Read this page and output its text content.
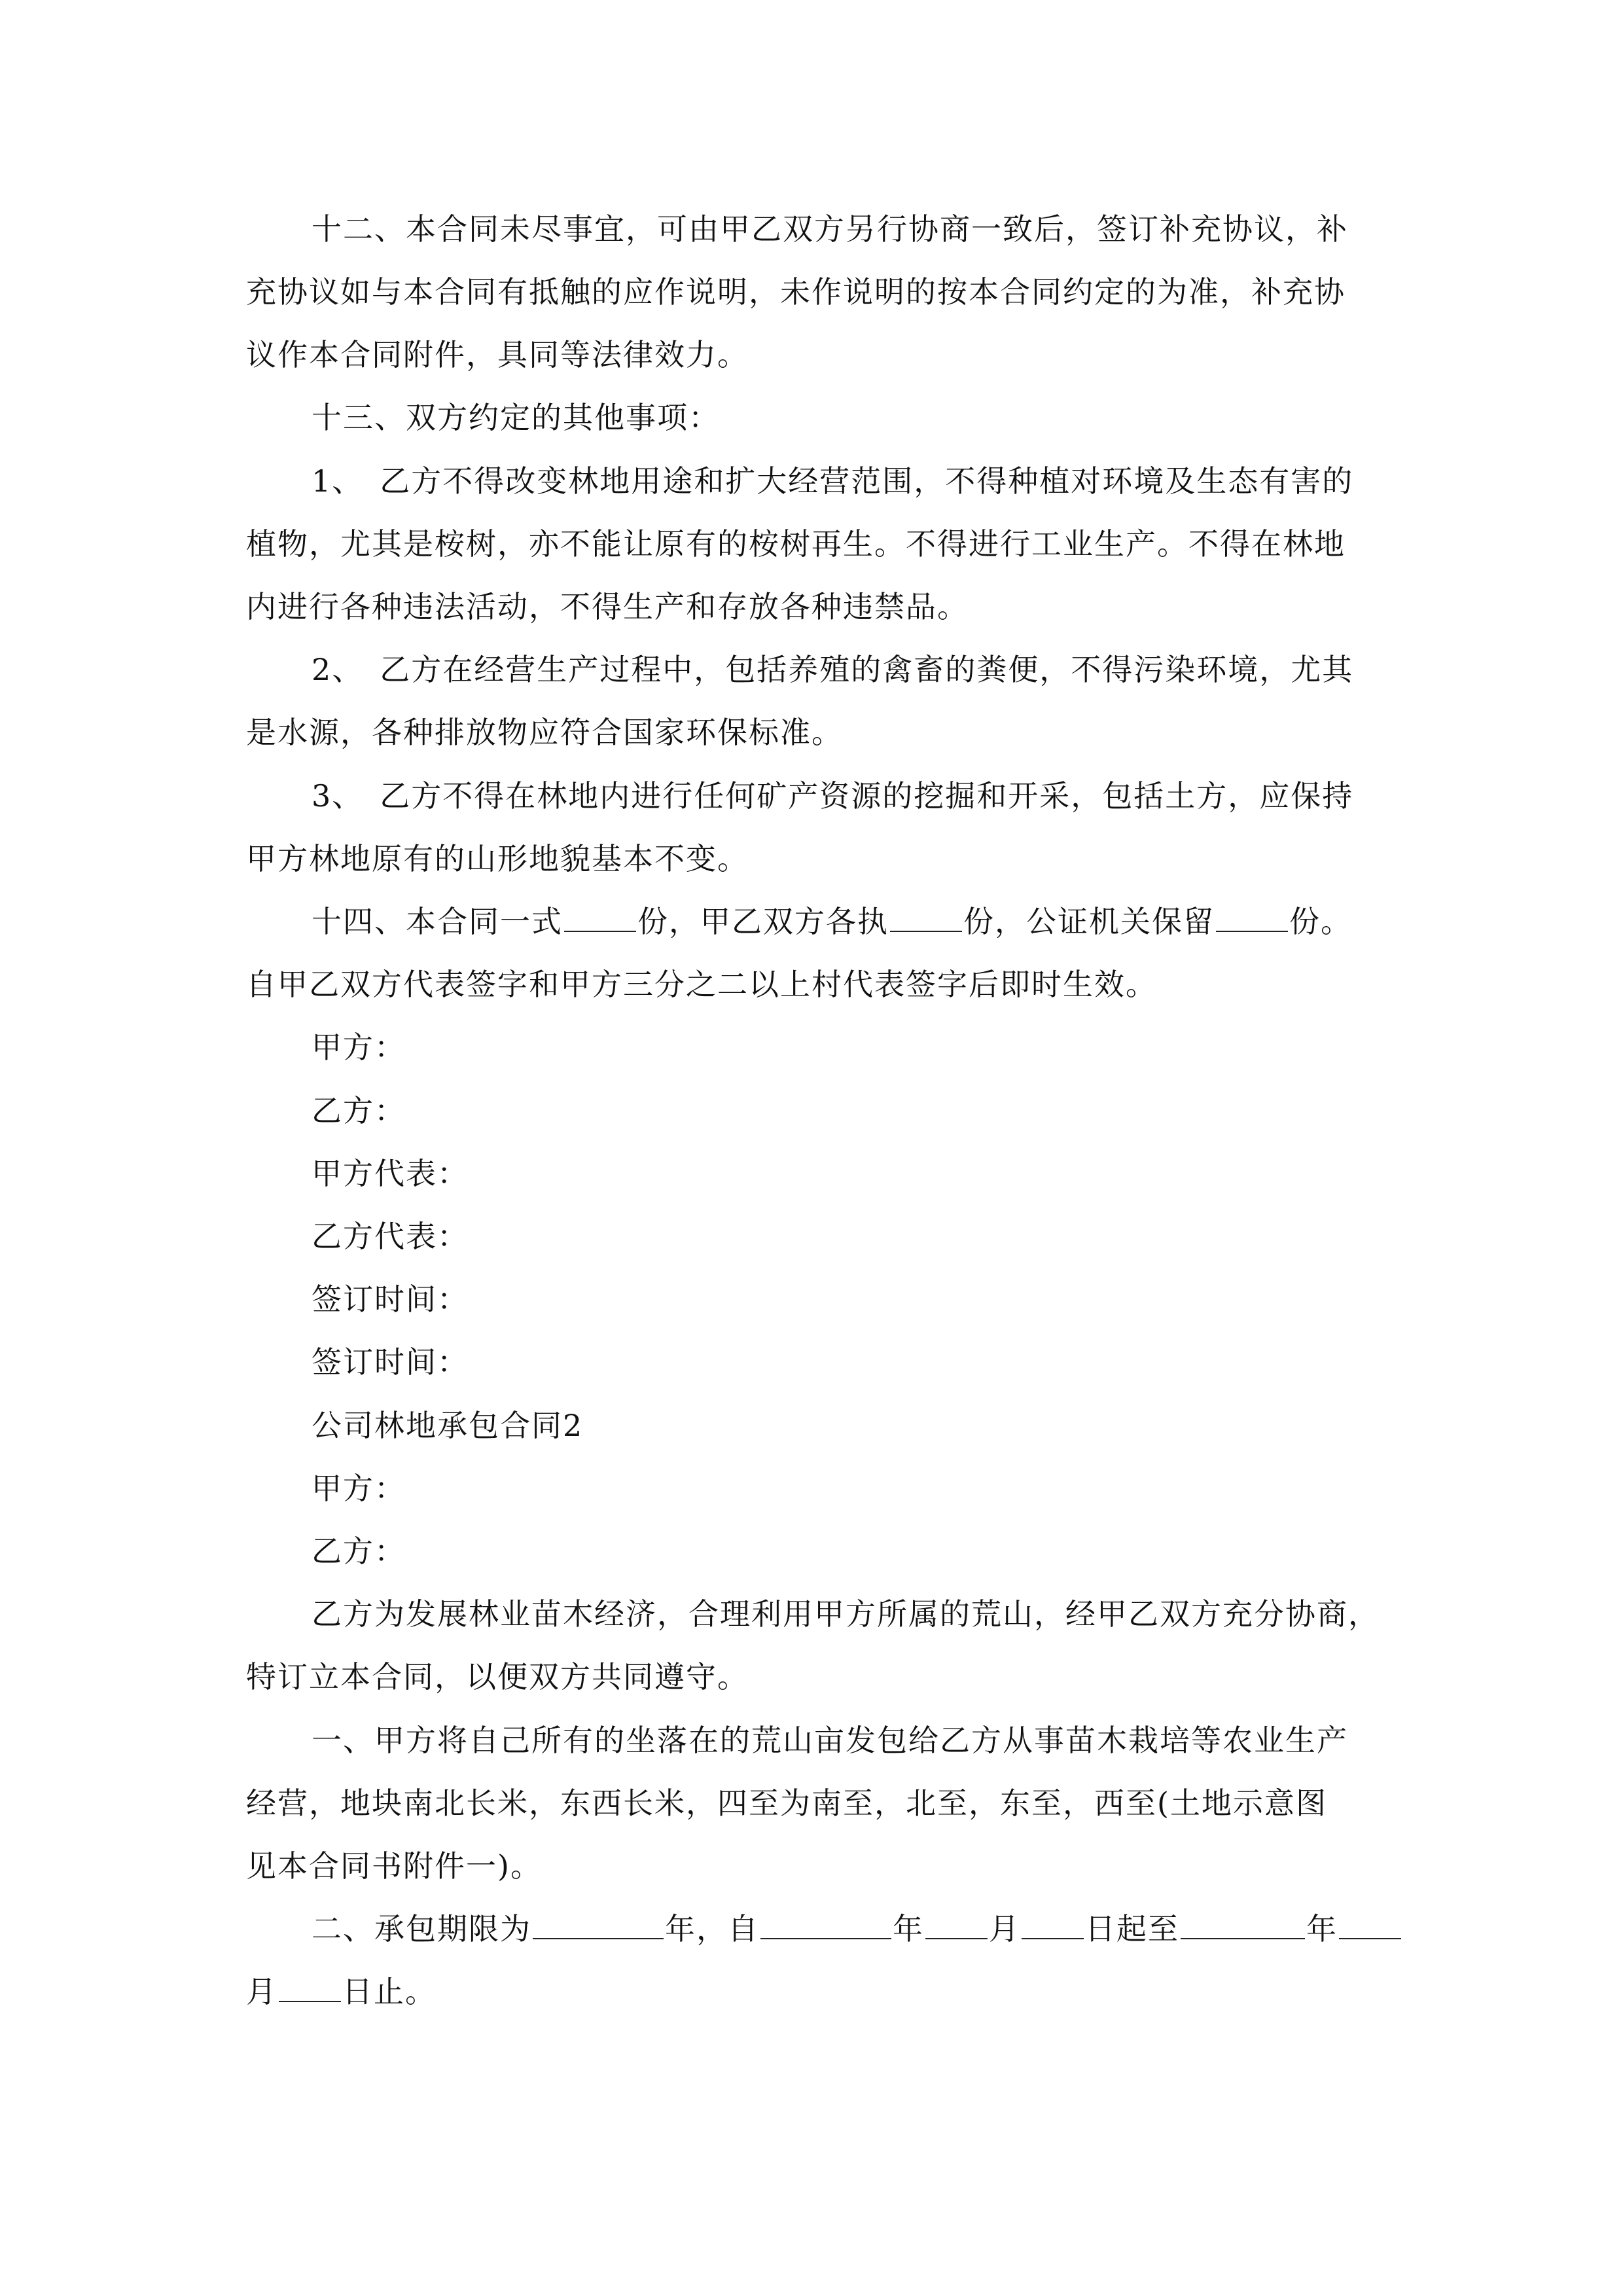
十二、本合同未尽事宜，可由甲乙双方另行协商一致后，签订补充协议，补
充协议如与本合同有抵触的应作说明，未作说明的按本合同约定的为准，补充协
议作本合同附件，具同等法律效力。
十三、双方约定的其他事项：
1、　乙方不得改变林地用途和扩大经营范围，不得种植对环境及生态有害的
植物，尤其是桉树，亦不能让原有的桉树再生。不得进行工业生产。不得在林地
内进行各种违法活动，不得生产和存放各种违禁品。
2、　乙方在经营生产过程中，包括养殖的禽畜的粪便，不得污染环境，尤其
是水源，各种排放物应符合国家环保标准。
3、　乙方不得在林地内进行任何矿产资源的挖掘和开采，包括土方，应保持
甲方林地原有的山形地貌基本不变。
十四、本合同一式 份，甲乙双方各执 份，公证机关保留 份。
自甲乙双方代表签字和甲方三分之二以上村代表签字后即时生效。
甲方：
乙方：
甲方代表：
乙方代表：
签订时间：
签订时间：
公司林地承包合同2
甲方：
乙方：
乙方为发展林业苗木经济，合理利用甲方所属的荒山，经甲乙双方充分协商，
特订立本合同，以便双方共同遵守。
一、甲方将自己所有的坐落在的荒山亩发包给乙方从事苗木栽培等农业生产
经营，地块南北长米，东西长米，四至为南至，北至，东至，西至(土地示意图
见本合同书附件一)。
二、承包期限为	年，自	年 月 日起至	年
月 日止。
